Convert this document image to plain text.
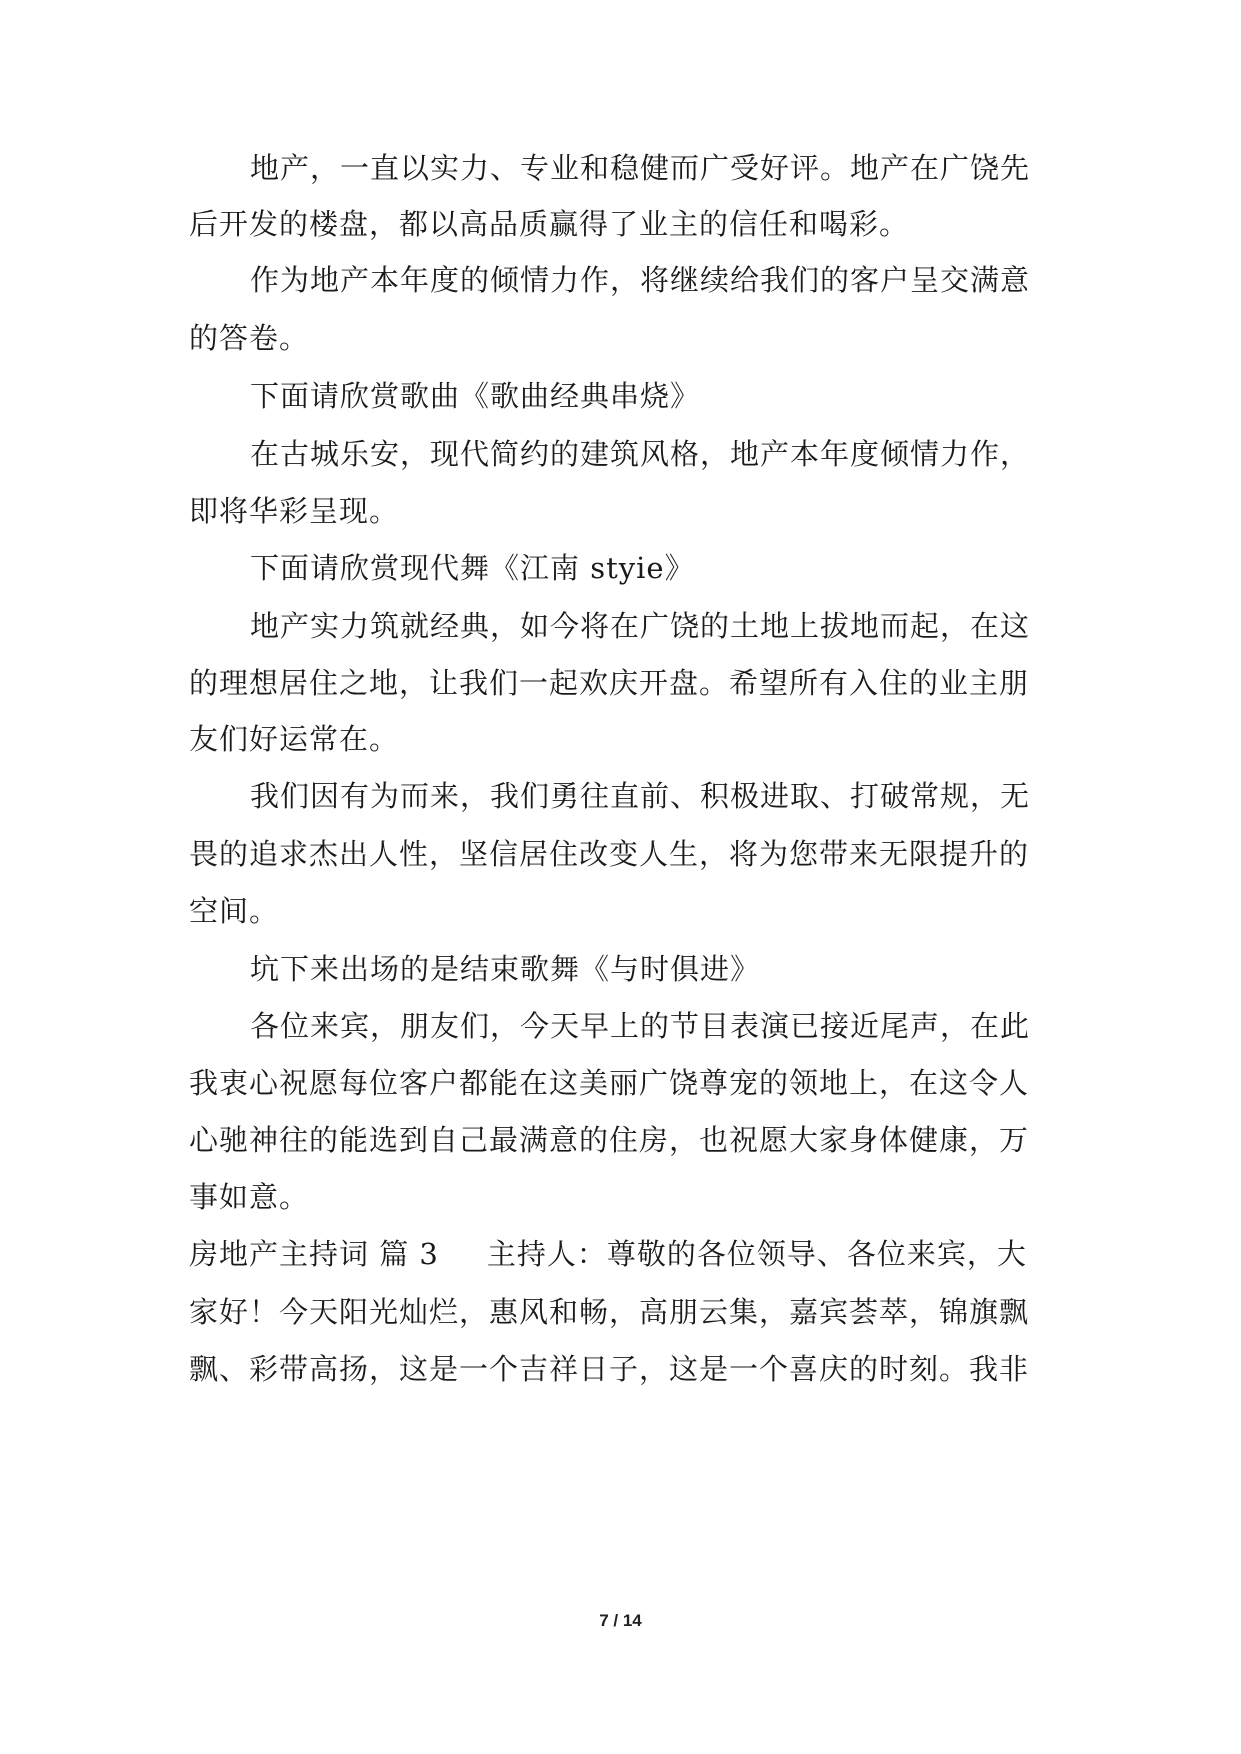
地产，一直以实力、专业和稳健而广受好评。地产在广饶先
后开发的楼盘，都以高品质赢得了业主的信任和喝彩。
作为地产本年度的倾情力作，将继续给我们的客户呈交满意
的答卷。
下面请欣赏歌曲《歌曲经典串烧》
在古城乐安，现代简约的建筑风格，地产本年度倾情力作，
即将华彩呈现。
下面请欣赏现代舞《江南 styie》
地产实力筑就经典，如今将在广饶的土地上拔地而起，在这
的理想居住之地，让我们一起欢庆开盘。希望所有入住的业主朋
友们好运常在。
我们因有为而来，我们勇往直前、积极进取、打破常规，无
畏的追求杰出人性，坚信居住改变人生，将为您带来无限提升的
空间。
坑下来出场的是结束歌舞《与时俱进》
各位来宾，朋友们，今天早上的节目表演已接近尾声，在此
我衷心祝愿每位客户都能在这美丽广饶尊宠的领地上，在这令人
心驰神往的能选到自己最满意的住房，也祝愿大家身体健康，万
事如意。
房地产主持词 篇 3 主持人：尊敬的各位领导、各位来宾，大
家好！今天阳光灿烂，惠风和畅，高朋云集，嘉宾荟萃，锦旗飘
飘、彩带高扬，这是一个吉祥日子，这是一个喜庆的时刻。我非
7 / 14
